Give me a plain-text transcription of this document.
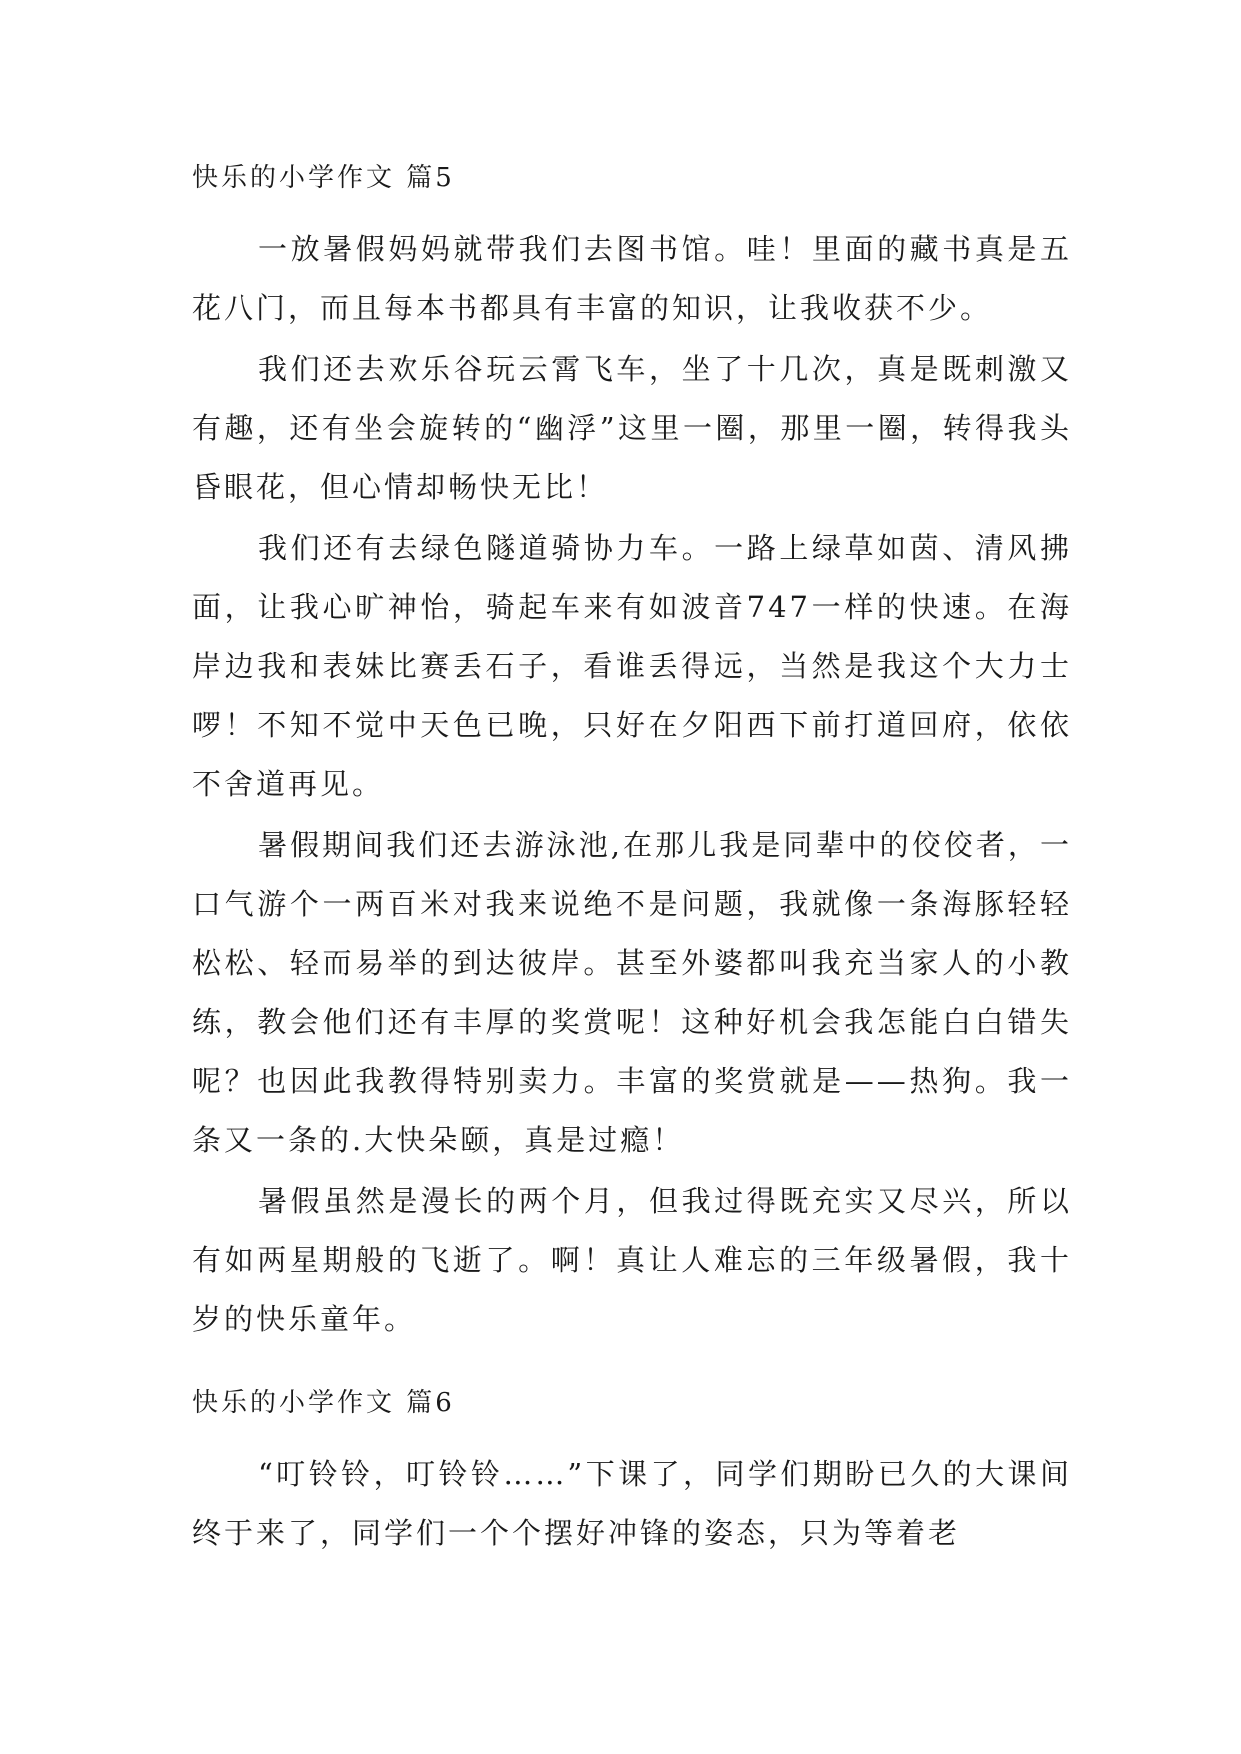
快乐的小学作文 篇5

一放暑假妈妈就带我们去图书馆。哇！里面的藏书真是五花八门，而且每本书都具有丰富的知识，让我收获不少。

我们还去欢乐谷玩云霄飞车，坐了十几次，真是既刺激又有趣，还有坐会旋转的“幽浮”这里一圈，那里一圈，转得我头昏眼花，但心情却畅快无比！

我们还有去绿色隧道骑协力车。一路上绿草如茵、清风拂面，让我心旷神怡，骑起车来有如波音747一样的快速。在海岸边我和表妹比赛丢石子，看谁丢得远，当然是我这个大力士啰！不知不觉中天色已晚，只好在夕阳西下前打道回府，依依不舍道再见。

暑假期间我们还去游泳池,在那儿我是同辈中的佼佼者，一口气游个一两百米对我来说绝不是问题，我就像一条海豚轻轻松松、轻而易举的到达彼岸。甚至外婆都叫我充当家人的小教练，教会他们还有丰厚的奖赏呢！这种好机会我怎能白白错失呢？也因此我教得特别卖力。丰富的奖赏就是——热狗。我一条又一条的.大快朵颐，真是过瘾！

暑假虽然是漫长的两个月，但我过得既充实又尽兴，所以有如两星期般的飞逝了。啊！真让人难忘的三年级暑假，我十岁的快乐童年。

快乐的小学作文 篇6

“叮铃铃，叮铃铃……”下课了，同学们期盼已久的大课间终于来了，同学们一个个摆好冲锋的姿态，只为等着老
